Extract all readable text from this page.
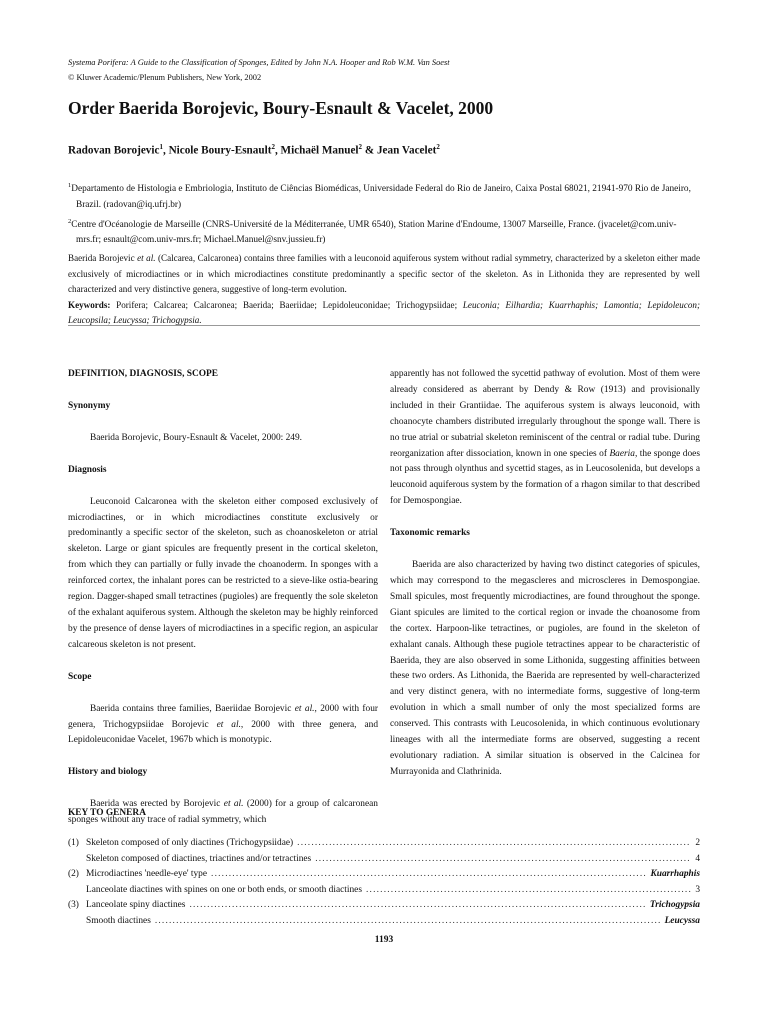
Systema Porifera: A Guide to the Classification of Sponges, Edited by John N.A. Hooper and Rob W.M. Van Soest
© Kluwer Academic/Plenum Publishers, New York, 2002
Order Baerida Borojevic, Boury-Esnault & Vacelet, 2000
Radovan Borojevic$^1$, Nicole Boury-Esnault$^2$, Michaël Manuel$^2$ & Jean Vacelet$^2$
$^1$Departamento de Histologia e Embriologia, Instituto de Ciências Biomédicas, Universidade Federal do Rio de Janeiro, Caixa Postal 68021, 21941-970 Rio de Janeiro, Brazil. (radovan@iq.ufrj.br)
$^2$Centre d'Océanologie de Marseille (CNRS-Université de la Méditerranée, UMR 6540), Station Marine d'Endoume, 13007 Marseille, France. (jvacelet@com.univ-mrs.fr; esnault@com.univ-mrs.fr; Michael.Manuel@snv.jussieu.fr)
Baerida Borojevic et al. (Calcarea, Calcaronea) contains three families with a leuconoid aquiferous system without radial symmetry, characterized by a skeleton either made exclusively of microdiactines or in which microdiactines constitute predominantly a specific sector of the skeleton. As in Lithonida they are represented by well characterized and very distinctive genera, suggestive of long-term evolution.
Keywords: Porifera; Calcarea; Calcaronea; Baerida; Baeriidae; Lepidoleuconidae; Trichogypsiidae; Leuconia; Eilhardia; Kuarrhaphis; Lamontia; Lepidoleucon; Leucopsila; Leucyssa; Trichogypsia.
DEFINITION, DIAGNOSIS, SCOPE
Synonymy

Baerida Borojevic, Boury-Esnault & Vacelet, 2000: 249.

Diagnosis

Leuconoid Calcaronea with the skeleton either composed exclusively of microdiactines, or in which microdiactines constitute exclusively or predominantly a specific sector of the skeleton, such as choanoskeleton or atrial skeleton. Large or giant spicules are frequently present in the cortical skeleton, from which they can partially or fully invade the choanoderm. In sponges with a reinforced cortex, the inhalant pores can be restricted to a sieve-like ostia-bearing region. Dagger-shaped small tetractines (pugioles) are frequently the sole skeleton of the exhalant aquiferous system. Although the skeleton may be highly reinforced by the presence of dense layers of microdiactines in a specific region, an aspicular calcareous skeleton is not present.

Scope

Baerida contains three families, Baeriidae Borojevic et al., 2000 with four genera, Trichogypsiidae Borojevic et al., 2000 with three genera, and Lepidoleuconidae Vacelet, 1967b which is monotypic.

History and biology

Baerida was erected by Borojevic et al. (2000) for a group of calcaronean sponges without any trace of radial symmetry, which

apparently has not followed the sycettid pathway of evolution. Most of them were already considered as aberrant by Dendy & Row (1913) and provisionally included in their Grantiidae. The aquiferous system is always leuconoid, with choanocyte chambers distributed irregularly throughout the sponge wall. There is no true atrial or subatrial skeleton reminiscent of the central or radial tube. During reorganization after dissociation, known in one species of Baeria, the sponge does not pass through olynthus and sycettid stages, as in Leucosolenida, but develops a leuconoid aquiferous system by the formation of a rhagon similar to that described for Demospongiae.

Taxonomic remarks

Baerida are also characterized by having two distinct categories of spicules, which may correspond to the megascleres and microscleres in Demospongiae. Small spicules, most frequently microdiactines, are found throughout the sponge. Giant spicules are limited to the cortical region or invade the choanosome from the cortex. Harpoon-like tetractines, or pugioles, are found in the skeleton of exhalant canals. Although these pugiole tetractines appear to be characteristic of Baerida, they are also observed in some Lithonida, suggesting affinities between these two orders. As Lithonida, the Baerida are represented by well-characterized and very distinct genera, with no intermediate forms, suggestive of long-term evolution in which a small number of only the most specialized forms are conserved. This contrasts with Leucosolenida, in which continuous evolutionary lineages with all the intermediate forms are observed, suggesting a recent evolutionary radiation. A similar situation is observed in the Calcinea for Murrayonida and Clathrinida.

KEY TO GENERA
(1) Skeleton composed of only diactines (Trichogypsiidae) .....	2
Skeleton composed of diactines, triactines and/or tetractines .....	4
(2) Microdiactines 'needle-eye' type .....	Kuarrhaphis
Lanceolate diactines with spines on one or both ends, or smooth diactines .....	3
(3) Lanceolate spiny diactines .....	Trichogypsia
Smooth diactines .....	Leucyssa
1193
